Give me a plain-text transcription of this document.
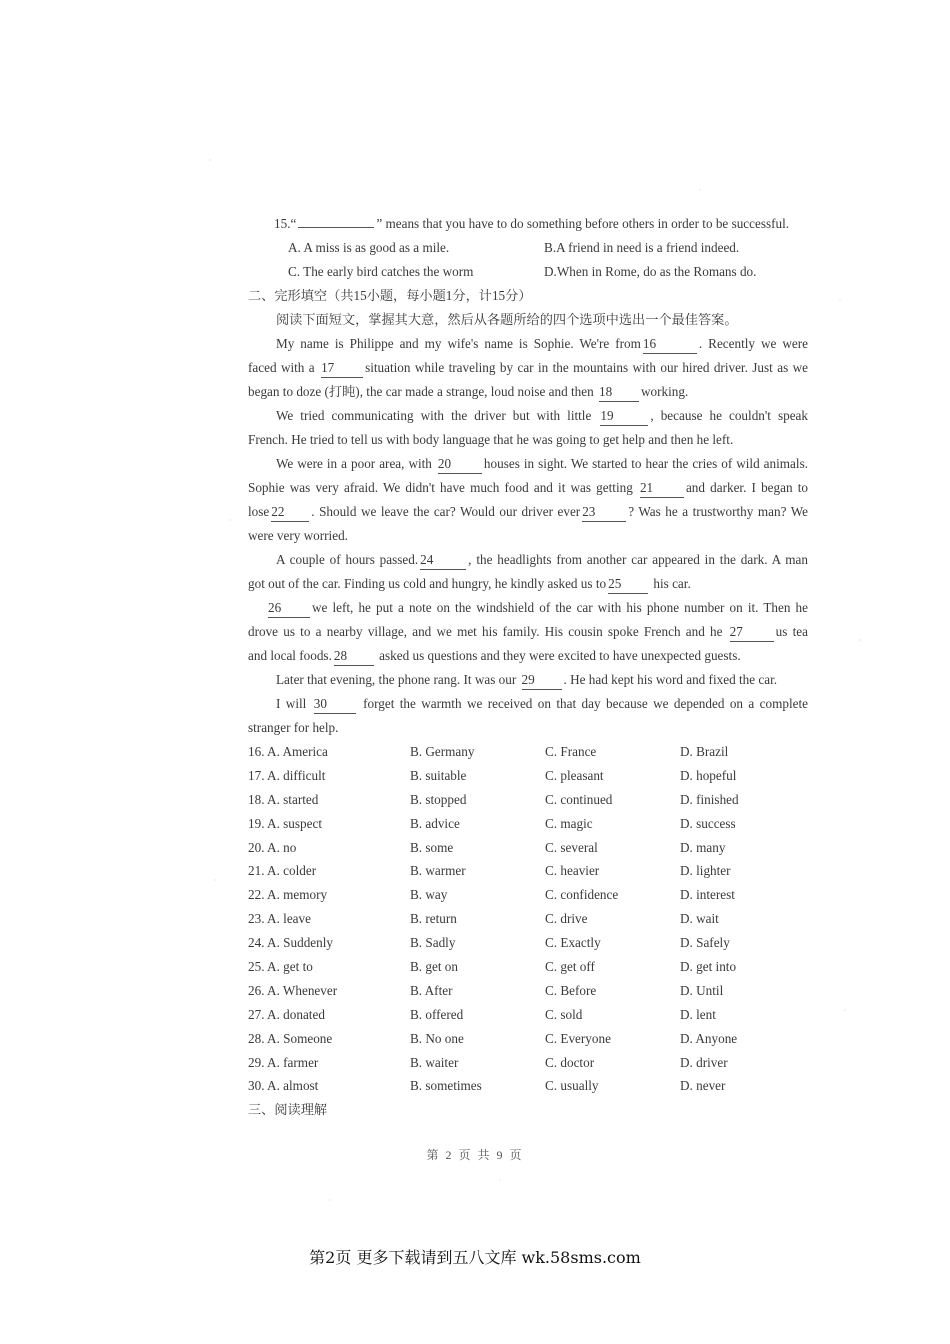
15.“	” means that you have to do something before others in order to be successful.
A. A miss is as good as a mile.	B.A friend in need is a friend indeed.
C. The early bird catches the worm	D.When in Rome, do as the Romans do.
二、完形填空（共15小题，每小题1分，计15分）
阅读下面短文，掌握其大意，然后从各题所给的四个选项中选出一个最佳答案。
My name is Philippe and my wife's name is Sophie. We're from 16	. Recently we were
faced with a 17 situation while traveling by car in the mountains with our hired driver. Just as we
began to doze (打盹), the car made a strange, loud noise and then 18 working.
We tried communicating with the driver but with little 19	, because he couldn't speak
French. He tried to tell us with body language that he was going to get help and then he left.
We were in a poor area, with 20 houses in sight. We started to hear the cries of wild animals.
Sophie was very afraid. We didn't have much food and it was getting 21 and darker. I began to
lose 22 . Should we leave the car? Would our driver ever 23 ? Was he a trustworthy man? We
were very worried.
A couple of hours passed. 24	, the headlights from another car appeared in the dark. A man
got out of the car. Finding us cold and hungry, he kindly asked us to 25 his car.
26 we left, he put a note on the windshield of the car with his phone number on it. Then he
drove us to a nearby village, and we met his family. His cousin spoke French and he 27 us tea
and local foods. 28 asked us questions and they were excited to have unexpected guests.
Later that evening, the phone rang. It was our 29 . He had kept his word and fixed the car.
I will 30	forget the warmth we received on that day because we depended on a complete
stranger for help.
16. A. America	B. Germany	C. France	D. Brazil
17. A. difficult	B. suitable	C. pleasant	D. hopeful
18. A. started	B. stopped	C. continued	D. finished
19. A. suspect	B. advice	C. magic	D. success
20. A. no	B. some	C. several	D. many
21. A. colder	B. warmer	C. heavier	D. lighter
22. A. memory	B. way	C. confidence	D. interest
23. A. leave	B. return	C. drive	D. wait
24. A. Suddenly	B. Sadly	C. Exactly	D. Safely
25. A. get to	B. get on	C. get off	D. get into
26. A. Whenever	B. After	C. Before	D. Until
27. A. donated	B. offered	C. sold	D. lent
28. A. Someone	B. No one	C. Everyone	D. Anyone
29. A. farmer	B. waiter	C. doctor	D. driver
30. A. almost	B. sometimes	C. usually	D. never
三、阅读理解
第 2 页 共 9 页
第2页 更多下载请到五八文库 wk.58sms.com
